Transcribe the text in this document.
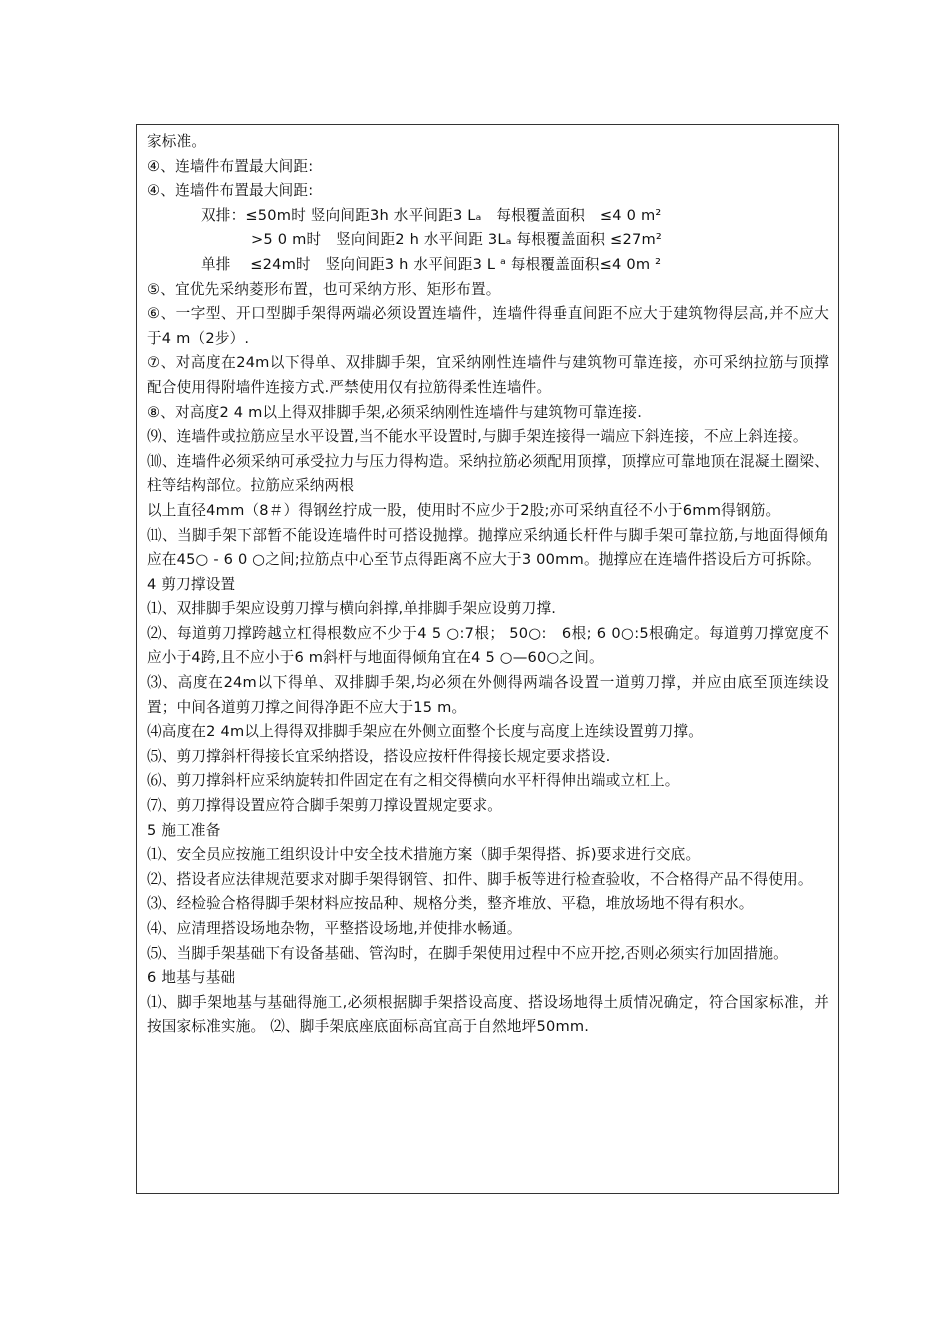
家标准。
④、连墙件布置最大间距:
④、连墙件布置最大间距:
双排：≤50m时 竖向间距3h 水平间距3 Lₐ　每根覆盖面积　≤4 0 m²
>5 0 m时　竖向间距2 h 水平间距 3Lₐ 每根覆盖面积 ≤27m²
单排　 ≤24m时　竖向间距3 h 水平间距3 L ᵃ 每根覆盖面积≤4 0m ²
⑤、宜优先采纳菱形布置，也可采纳方形、矩形布置。
⑥、一字型、开口型脚手架得两端必须设置连墙件，连墙件得垂直间距不应大于建筑物得层高,并不应大于4 m（2步）.
⑦、对高度在24m以下得单、双排脚手架，宜采纳刚性连墙件与建筑物可靠连接，亦可采纳拉筋与顶撑配合使用得附墙件连接方式.严禁使用仅有拉筋得柔性连墙件。
⑧、对高度2 4 m以上得双排脚手架,必须采纳刚性连墙件与建筑物可靠连接.
⑼、连墙件或拉筋应呈水平设置,当不能水平设置时,与脚手架连接得一端应下斜连接，不应上斜连接。
⑽、连墙件必须采纳可承受拉力与压力得构造。采纳拉筋必须配用顶撑，顶撑应可靠地顶在混凝土圈梁、柱等结构部位。拉筋应采纳两根
以上直径4mm（8＃）得钢丝拧成一股，使用时不应少于2股;亦可采纳直径不小于6mm得钢筋。
⑾、当脚手架下部暂不能设连墙件时可搭设抛撑。抛撑应采纳通长杆件与脚手架可靠拉筋,与地面得倾角应在45○ - 6 0 ○之间;拉筋点中心至节点得距离不应大于3 00mm。抛撑应在连墙件搭设后方可拆除。
4 剪刀撑设置
⑴、双排脚手架应设剪刀撑与横向斜撑,单排脚手架应设剪刀撑.
⑵、每道剪刀撑跨越立杠得根数应不少于4 5 ○:7根； 50○:　6根; 6 0○:5根确定。每道剪刀撑宽度不应小于4跨,且不应小于6 m斜杆与地面得倾角宜在4 5 ○—60○之间。
⑶、高度在24m以下得单、双排脚手架,均必须在外侧得两端各设置一道剪刀撑，并应由底至顶连续设置；中间各道剪刀撑之间得净距不应大于15 m。
⑷高度在2 4m以上得得双排脚手架应在外侧立面整个长度与高度上连续设置剪刀撑。
⑸、剪刀撑斜杆得接长宜采纳搭设，搭设应按杆件得接长规定要求搭设.
⑹、剪刀撑斜杆应采纳旋转扣件固定在有之相交得横向水平杆得伸出端或立杠上。
⑺、剪刀撑得设置应符合脚手架剪刀撑设置规定要求。
5 施工准备
⑴、安全员应按施工组织设计中安全技术措施方案（脚手架得搭、拆)要求进行交底。
⑵、搭设者应法律规范要求对脚手架得钢管、扣件、脚手板等进行检查验收，不合格得产品不得使用。
⑶、经检验合格得脚手架材料应按品种、规格分类，整齐堆放、平稳，堆放场地不得有积水。
⑷、应清理搭设场地杂物，平整搭设场地,并使排水畅通。
⑸、当脚手架基础下有设备基础、管沟时，在脚手架使用过程中不应开挖,否则必须实行加固措施。
6 地基与基础
⑴、脚手架地基与基础得施工,必须根据脚手架搭设高度、搭设场地得土质情况确定，符合国家标准，并按国家标准实施。 ⑵、脚手架底座底面标高宜高于自然地坪50mm.
